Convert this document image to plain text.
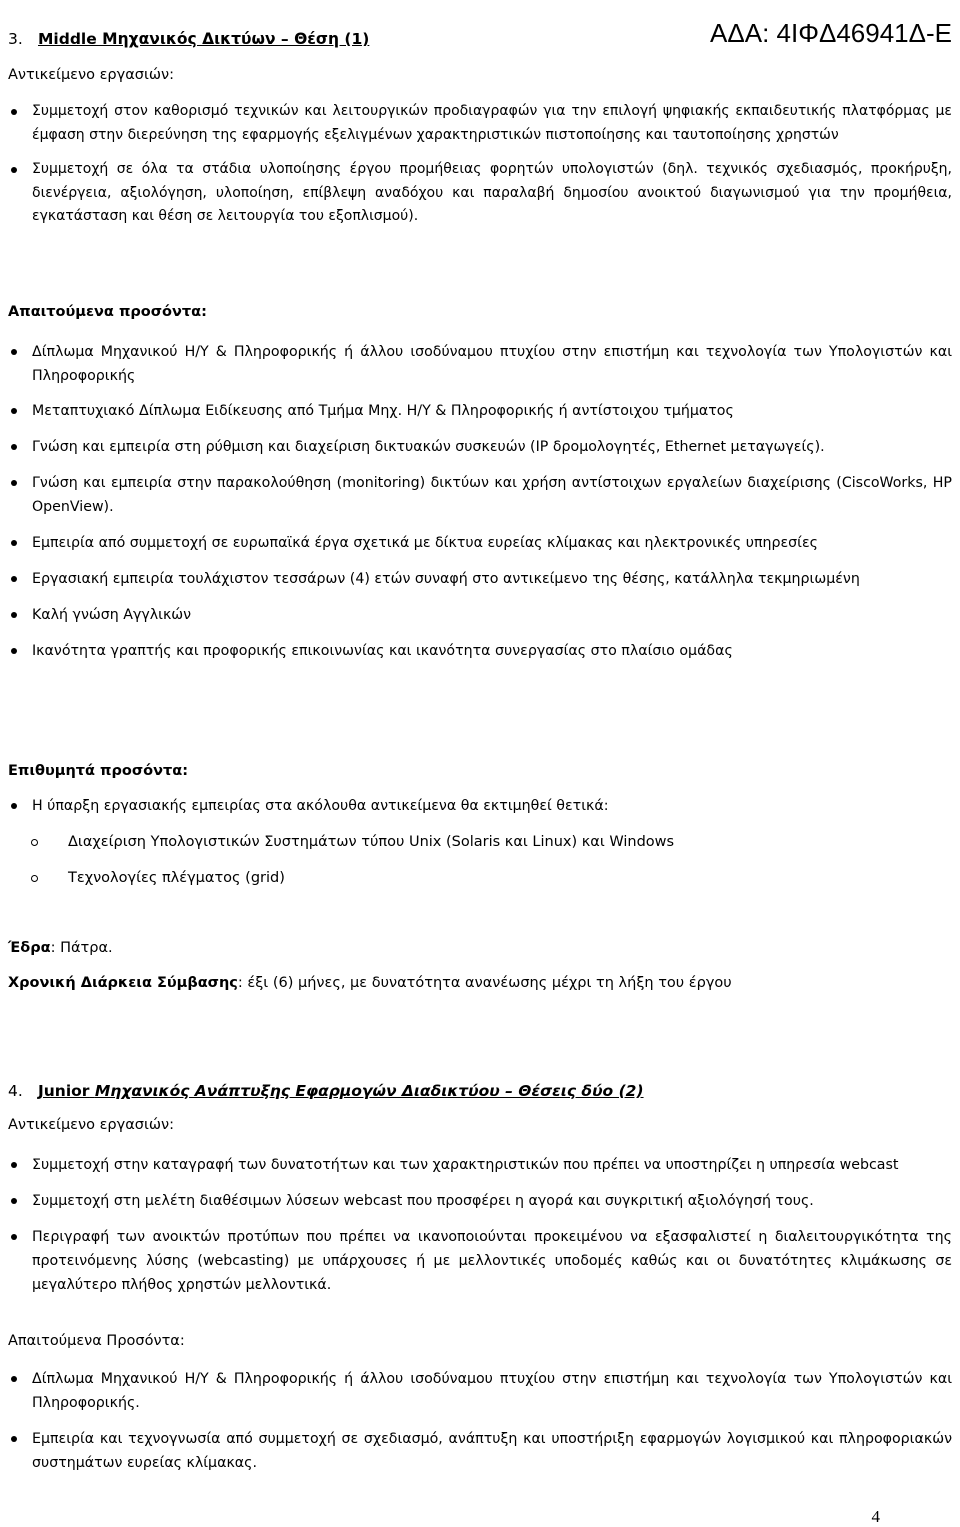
ΑΔΑ: 4ΙΦΔ46941Δ-Ε
3. Middle Μηχανικός Δικτύων – Θέση (1)
Αντικείμενο εργασιών:
Συμμετοχή στον καθορισμό τεχνικών και λειτουργικών προδιαγραφών για την επιλογή ψηφιακής εκπαιδευτικής πλατφόρμας με έμφαση στην διερεύνηση της εφαρμογής εξελιγμένων χαρακτηριστικών πιστοποίησης και ταυτοποίησης χρηστών
Συμμετοχή σε όλα τα στάδια υλοποίησης έργου προμήθειας φορητών υπολογιστών (δηλ. τεχνικός σχεδιασμός, προκήρυξη, διενέργεια, αξιολόγηση, υλοποίηση, επίβλεψη αναδόχου και παραλαβή δημοσίου ανοικτού διαγωνισμού για την προμήθεια, εγκατάσταση και θέση σε λειτουργία του εξοπλισμού).
Απαιτούμενα προσόντα:
Δίπλωμα Μηχανικού Η/Υ & Πληροφορικής ή άλλου ισοδύναμου πτυχίου στην επιστήμη και τεχνολογία των Υπολογιστών και Πληροφορικής
Μεταπτυχιακό Δίπλωμα Ειδίκευσης από Τμήμα Μηχ. Η/Υ & Πληροφορικής ή αντίστοιχου τμήματος
Γνώση και εμπειρία στη ρύθμιση και διαχείριση δικτυακών συσκευών (IP δρομολογητές, Ethernet μεταγωγείς).
Γνώση και εμπειρία στην παρακολούθηση (monitoring) δικτύων και χρήση αντίστοιχων εργαλείων διαχείρισης (CiscoWorks, HP OpenView).
Εμπειρία από συμμετοχή σε ευρωπαϊκά έργα σχετικά με δίκτυα ευρείας κλίμακας και ηλεκτρονικές υπηρεσίες
Εργασιακή εμπειρία τουλάχιστον τεσσάρων (4) ετών συναφή στο αντικείμενο της θέσης, κατάλληλα τεκμηριωμένη
Καλή γνώση Αγγλικών
Ικανότητα γραπτής και προφορικής επικοινωνίας και ικανότητα συνεργασίας στο πλαίσιο ομάδας
Επιθυμητά προσόντα:
Η ύπαρξη εργασιακής εμπειρίας στα ακόλουθα αντικείμενα θα εκτιμηθεί θετικά:
Διαχείριση Υπολογιστικών Συστημάτων τύπου Unix (Solaris και Linux) και Windows
Τεχνολογίες πλέγματος (grid)
Έδρα: Πάτρα.
Χρονική Διάρκεια Σύμβασης: έξι (6) μήνες, με δυνατότητα ανανέωσης μέχρι τη λήξη του έργου
4. Junior Μηχανικός Ανάπτυξης Εφαρμογών Διαδικτύου – Θέσεις δύο (2)
Αντικείμενο εργασιών:
Συμμετοχή στην καταγραφή των δυνατοτήτων και των χαρακτηριστικών που πρέπει να υποστηρίζει η υπηρεσία webcast
Συμμετοχή στη μελέτη διαθέσιμων λύσεων webcast που προσφέρει η αγορά και συγκριτική αξιολόγησή τους.
Περιγραφή των ανοικτών προτύπων που πρέπει να ικανοποιούνται προκειμένου να εξασφαλιστεί η διαλειτουργικότητα της προτεινόμενης λύσης (webcasting) με υπάρχουσες ή με μελλοντικές υποδομές καθώς και οι δυνατότητες κλιμάκωσης σε μεγαλύτερο πλήθος χρηστών μελλοντικά.
Απαιτούμενα Προσόντα:
Δίπλωμα Μηχανικού Η/Υ & Πληροφορικής ή άλλου ισοδύναμου πτυχίου στην επιστήμη και τεχνολογία των Υπολογιστών και Πληροφορικής.
Εμπειρία και τεχνογνωσία από συμμετοχή σε σχεδιασμό, ανάπτυξη και υποστήριξη εφαρμογών λογισμικού και πληροφοριακών συστημάτων ευρείας κλίμακας.
4
